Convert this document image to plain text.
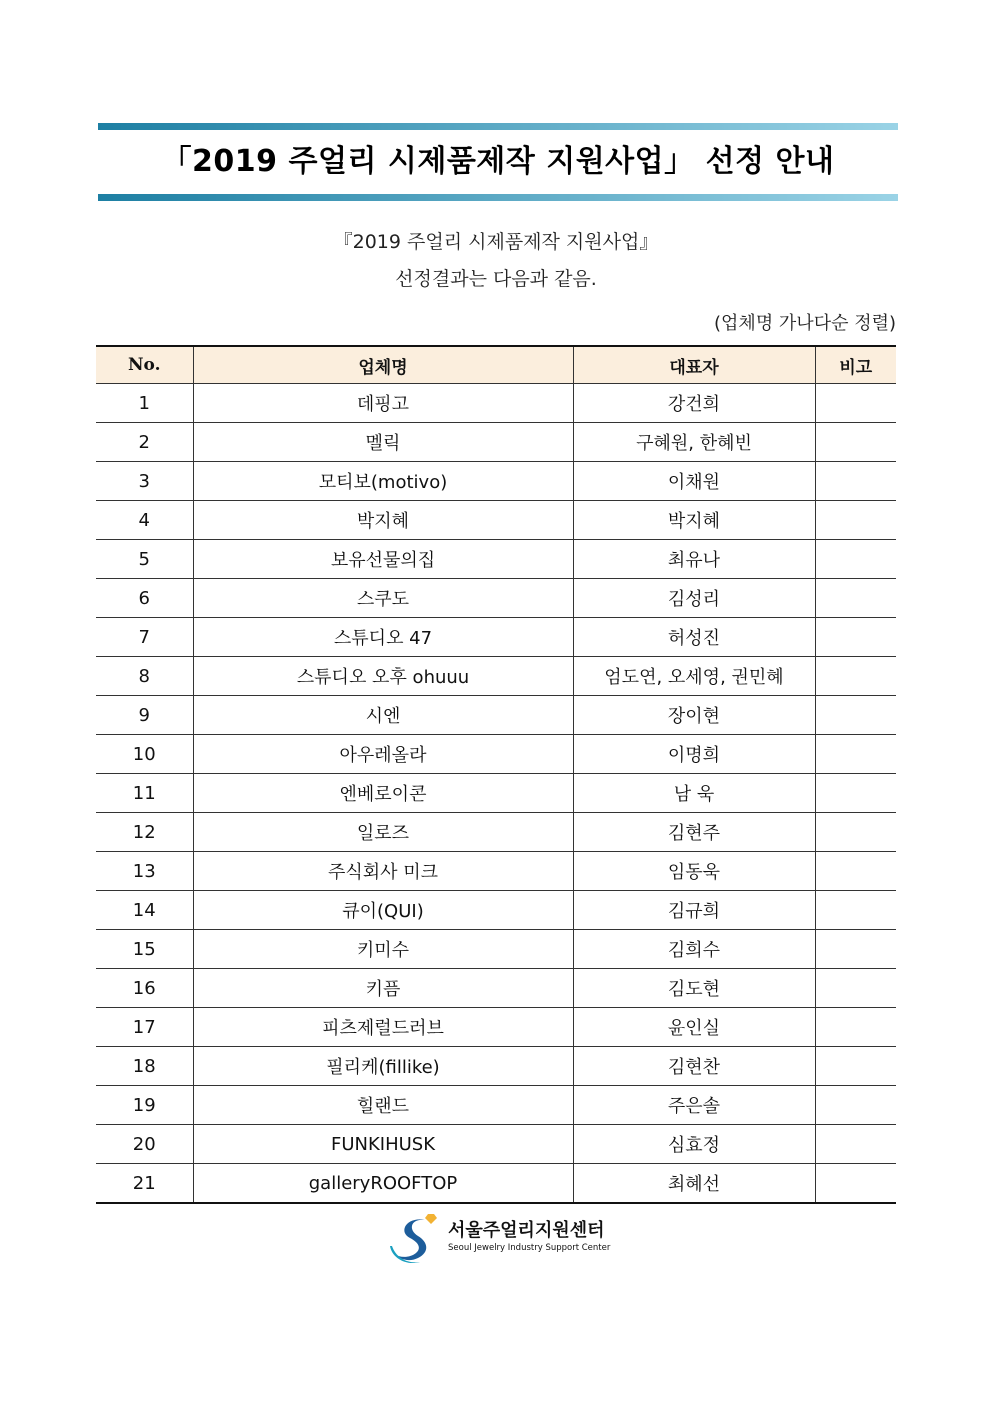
「2019 주얼리 시제품제작 지원사업」 선정 안내

『2019 주얼리 시제품제작 지원사업』

선정결과는 다음과 같음.

(업체명 가나다순 정렬)
No.	업체명	대표자	비고
1	데핑고	강건희	
2	멜릭	구혜원, 한혜빈	
3	모티보(motivo)	이채원	
4	박지혜	박지혜	
5	보유선물의집	최유나	
6	스쿠도	김성리	
7	스튜디오 47	허성진	
8	스튜디오 오후 ohuuu	엄도연, 오세영, 권민혜	
9	시엔	장이현	
10	아우레올라	이명희	
11	엔베로이콘	남 욱	
12	일로즈	김현주	
13	주식회사 미크	임동욱	
14	큐이(QUI)	김규희	
15	키미수	김희수	
16	키픔	김도현	
17	피츠제럴드러브	윤인실	
18	필리케(fillike)	김현찬	
19	힐랜드	주은솔	
20	FUNKIHUSK	심효정	
21	galleryROOFTOP	최혜선	
서울주얼리지원센터
Seoul Jewelry Industry Support Center
